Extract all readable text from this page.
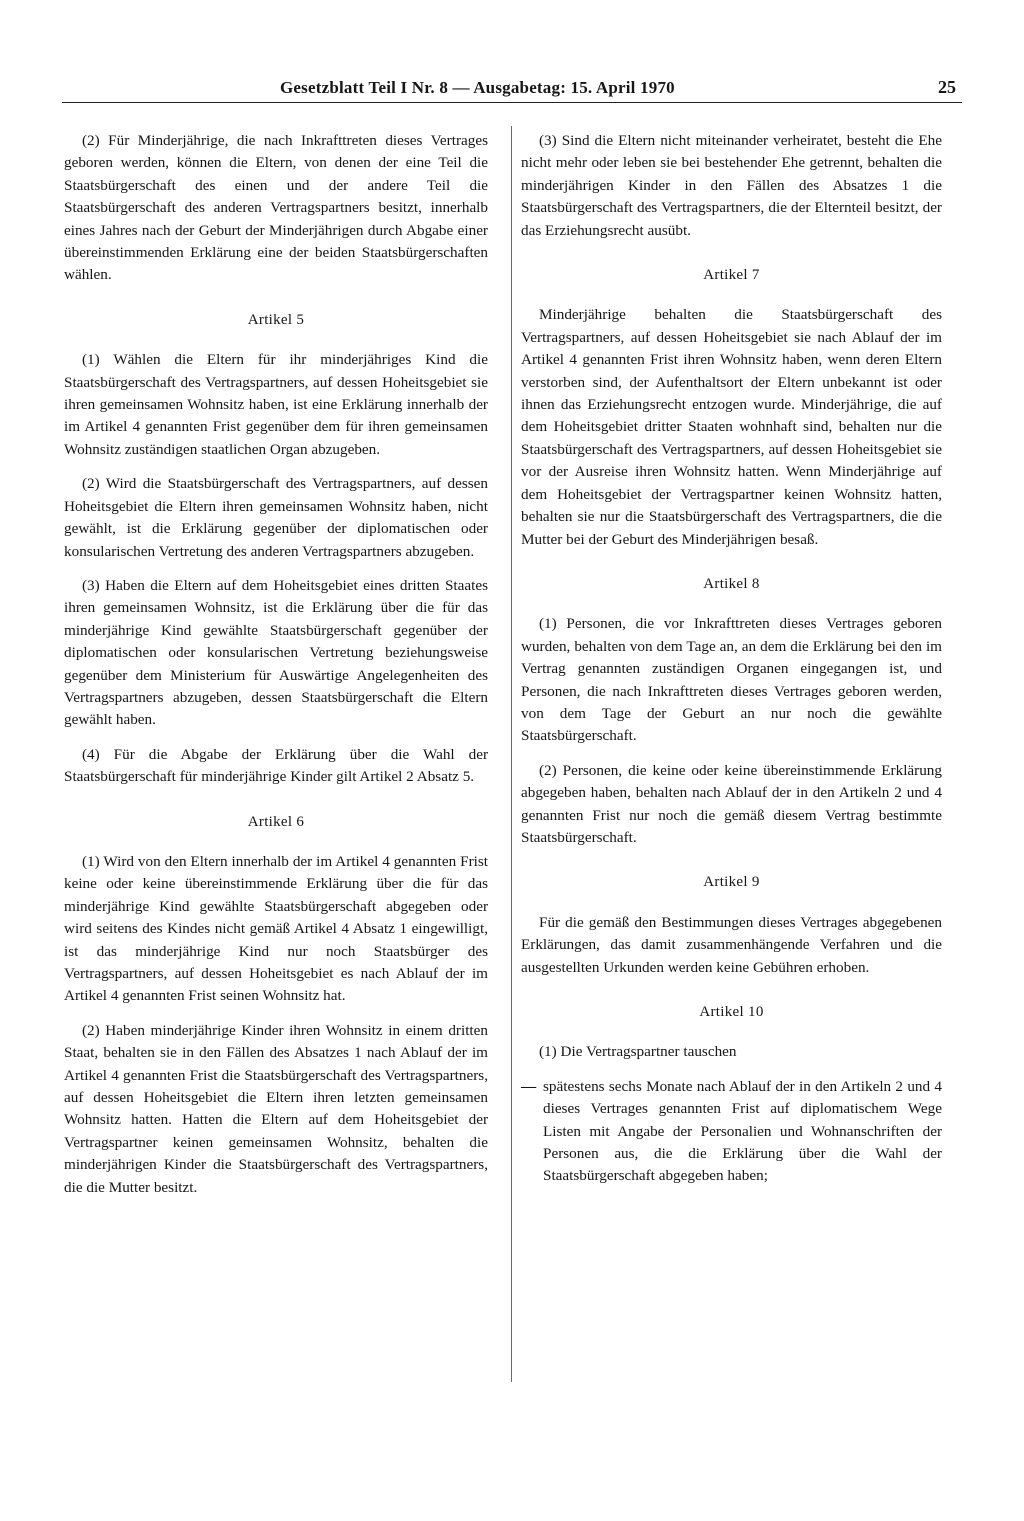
Gesetzblatt Teil I Nr. 8 — Ausgabetag: 15. April 1970	25

(2) Für Minderjährige, die nach Inkrafttreten dieses Vertrages geboren werden, können die Eltern, von denen der eine Teil die Staatsbürgerschaft des einen und der andere Teil die Staatsbürgerschaft des anderen Vertragspartners besitzt, innerhalb eines Jahres nach der Geburt der Minderjährigen durch Abgabe einer übereinstimmenden Erklärung eine der beiden Staatsbürgerschaften wählen.

Artikel 5

(1) Wählen die Eltern für ihr minderjähriges Kind die Staatsbürgerschaft des Vertragspartners, auf dessen Hoheitsgebiet sie ihren gemeinsamen Wohnsitz haben, ist eine Erklärung innerhalb der im Artikel 4 genannten Frist gegenüber dem für ihren gemeinsamen Wohnsitz zuständigen staatlichen Organ abzugeben.

(2) Wird die Staatsbürgerschaft des Vertragspartners, auf dessen Hoheitsgebiet die Eltern ihren gemeinsamen Wohnsitz haben, nicht gewählt, ist die Erklärung gegenüber der diplomatischen oder konsularischen Vertretung des anderen Vertragspartners abzugeben.

(3) Haben die Eltern auf dem Hoheitsgebiet eines dritten Staates ihren gemeinsamen Wohnsitz, ist die Erklärung über die für das minderjährige Kind gewählte Staatsbürgerschaft gegenüber der diplomatischen oder konsularischen Vertretung beziehungsweise gegenüber dem Ministerium für Auswärtige Angelegenheiten des Vertragspartners abzugeben, dessen Staatsbürgerschaft die Eltern gewählt haben.

(4) Für die Abgabe der Erklärung über die Wahl der Staatsbürgerschaft für minderjährige Kinder gilt Artikel 2 Absatz 5.

Artikel 6

(1) Wird von den Eltern innerhalb der im Artikel 4 genannten Frist keine oder keine übereinstimmende Erklärung über die für das minderjährige Kind gewählte Staatsbürgerschaft abgegeben oder wird seitens des Kindes nicht gemäß Artikel 4 Absatz 1 eingewilligt, ist das minderjährige Kind nur noch Staatsbürger des Vertragspartners, auf dessen Hoheitsgebiet es nach Ablauf der im Artikel 4 genannten Frist seinen Wohnsitz hat.

(2) Haben minderjährige Kinder ihren Wohnsitz in einem dritten Staat, behalten sie in den Fällen des Absatzes 1 nach Ablauf der im Artikel 4 genannten Frist die Staatsbürgerschaft des Vertragspartners, auf dessen Hoheitsgebiet die Eltern ihren letzten gemeinsamen Wohnsitz hatten. Hatten die Eltern auf dem Hoheitsgebiet der Vertragspartner keinen gemeinsamen Wohnsitz, behalten die minderjährigen Kinder die Staatsbürgerschaft des Vertragspartners, die die Mutter besitzt.

(3) Sind die Eltern nicht miteinander verheiratet, besteht die Ehe nicht mehr oder leben sie bei bestehender Ehe getrennt, behalten die minderjährigen Kinder in den Fällen des Absatzes 1 die Staatsbürgerschaft des Vertragspartners, die der Elternteil besitzt, der das Erziehungsrecht ausübt.

Artikel 7

Minderjährige behalten die Staatsbürgerschaft des Vertragspartners, auf dessen Hoheitsgebiet sie nach Ablauf der im Artikel 4 genannten Frist ihren Wohnsitz haben, wenn deren Eltern verstorben sind, der Aufenthaltsort der Eltern unbekannt ist oder ihnen das Erziehungsrecht entzogen wurde. Minderjährige, die auf dem Hoheitsgebiet dritter Staaten wohnhaft sind, behalten nur die Staatsbürgerschaft des Vertragspartners, auf dessen Hoheitsgebiet sie vor der Ausreise ihren Wohnsitz hatten. Wenn Minderjährige auf dem Hoheitsgebiet der Vertragspartner keinen Wohnsitz hatten, behalten sie nur die Staatsbürgerschaft des Vertragspartners, die die Mutter bei der Geburt des Minderjährigen besaß.

Artikel 8

(1) Personen, die vor Inkrafttreten dieses Vertrages geboren wurden, behalten von dem Tage an, an dem die Erklärung bei den im Vertrag genannten zuständigen Organen eingegangen ist, und Personen, die nach Inkrafttreten dieses Vertrages geboren werden, von dem Tage der Geburt an nur noch die gewählte Staatsbürgerschaft.

(2) Personen, die keine oder keine übereinstimmende Erklärung abgegeben haben, behalten nach Ablauf der in den Artikeln 2 und 4 genannten Frist nur noch die gemäß diesem Vertrag bestimmte Staatsbürgerschaft.

Artikel 9

Für die gemäß den Bestimmungen dieses Vertrages abgegebenen Erklärungen, das damit zusammenhängende Verfahren und die ausgestellten Urkunden werden keine Gebühren erhoben.

Artikel 10

(1) Die Vertragspartner tauschen

— spätestens sechs Monate nach Ablauf der in den Artikeln 2 und 4 dieses Vertrages genannten Frist auf diplomatischem Wege Listen mit Angabe der Personalien und Wohnanschriften der Personen aus, die die Erklärung über die Wahl der Staatsbürgerschaft abgegeben haben;
